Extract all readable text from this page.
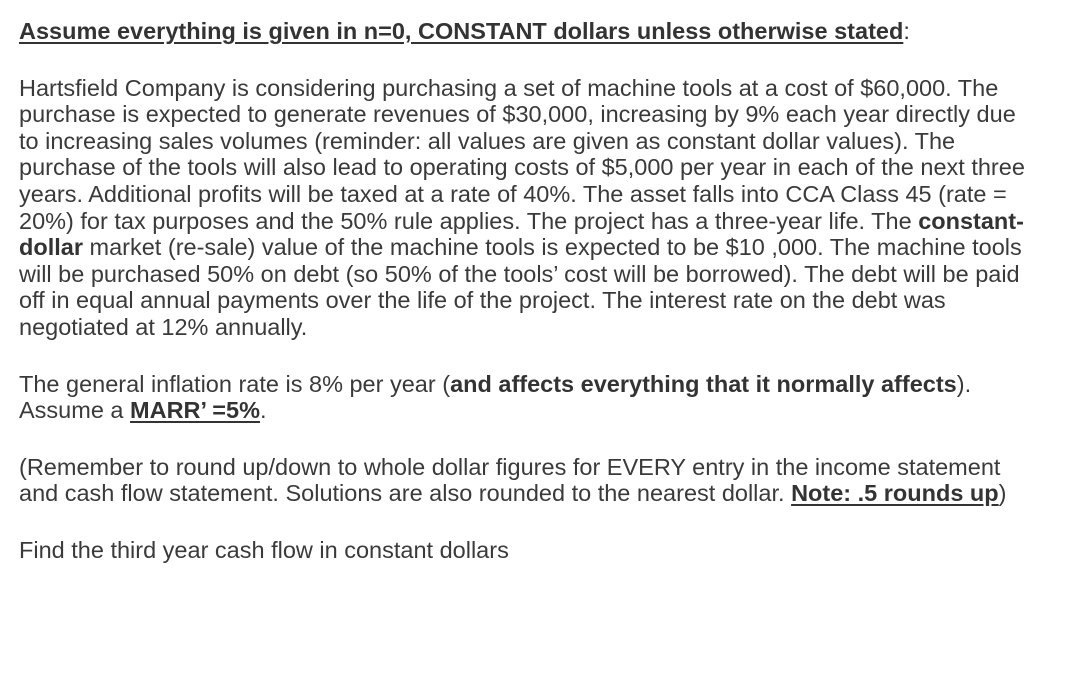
Assume everything is given in n=0, CONSTANT dollars unless otherwise stated:

Hartsfield Company is considering purchasing a set of machine tools at a cost of $60,000. The purchase is expected to generate revenues of $30,000, increasing by 9% each year directly due to increasing sales volumes (reminder: all values are given as constant dollar values). The purchase of the tools will also lead to operating costs of $5,000 per year in each of the next three years. Additional profits will be taxed at a rate of 40%. The asset falls into CCA Class 45 (rate = 20%) for tax purposes and the 50% rule applies. The project has a three-year life. The constant-dollar market (re-sale) value of the machine tools is expected to be $10 ,000. The machine tools will be purchased 50% on debt (so 50% of the tools’ cost will be borrowed). The debt will be paid off in equal annual payments over the life of the project. The interest rate on the debt was negotiated at 12% annually.

The general inflation rate is 8% per year (and affects everything that it normally affects). Assume a MARR’ =5%.

(Remember to round up/down to whole dollar figures for EVERY entry in the income statement and cash flow statement. Solutions are also rounded to the nearest dollar. Note: .5 rounds up)

Find the third year cash flow in constant dollars
